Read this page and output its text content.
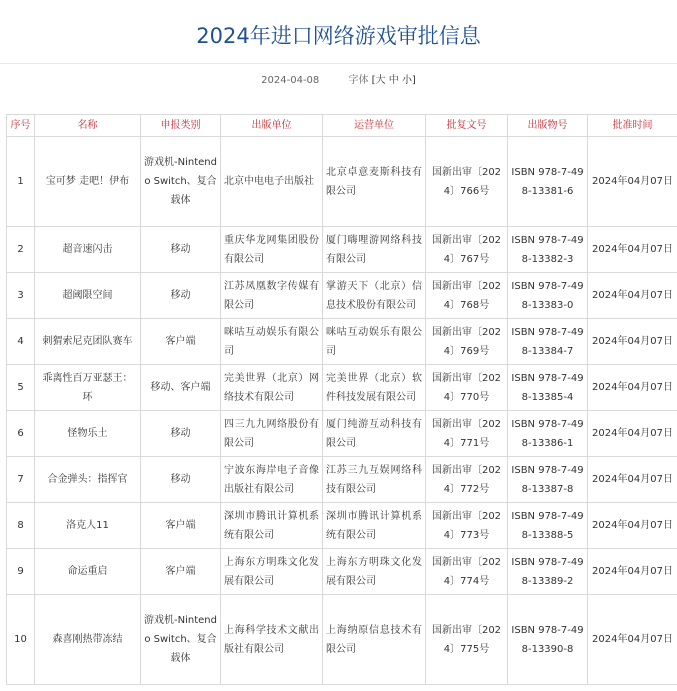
2024年进口网络游戏审批信息
2024-04-08	字体 [大 中 小]
序号	名称	申报类别	出版单位	运营单位	批复文号	出版物号	批准时间
1	宝可梦 走吧！伊布	游戏机-Nintendo Switch、复合载体	北京中电电子出版社	北京卓意麦斯科技有限公司	国新出审〔2024〕766号	ISBN 978-7-498-13381-6	2024年04月07日
2	超音速闪击	移动	重庆华龙网集团股份有限公司	厦门嗨哩游网络科技有限公司	国新出审〔2024〕767号	ISBN 978-7-498-13382-3	2024年04月07日
3	超阈限空间	移动	江苏凤凰数字传媒有限公司	掌游天下（北京）信息技术股份有限公司	国新出审〔2024〕768号	ISBN 978-7-498-13383-0	2024年04月07日
4	刺猬索尼克团队赛车	客户端	咪咕互动娱乐有限公司	咪咕互动娱乐有限公司	国新出审〔2024〕769号	ISBN 978-7-498-13384-7	2024年04月07日
5	乖离性百万亚瑟王：环	移动、客户端	完美世界（北京）网络技术有限公司	完美世界（北京）软件科技发展有限公司	国新出审〔2024〕770号	ISBN 978-7-498-13385-4	2024年04月07日
6	怪物乐土	移动	四三九九网络股份有限公司	厦门纯游互动科技有限公司	国新出审〔2024〕771号	ISBN 978-7-498-13386-1	2024年04月07日
7	合金弹头：指挥官	移动	宁波东海岸电子音像出版社有限公司	江苏三九互娱网络科技有限公司	国新出审〔2024〕772号	ISBN 978-7-498-13387-8	2024年04月07日
8	洛克人11	客户端	深圳市腾讯计算机系统有限公司	深圳市腾讯计算机系统有限公司	国新出审〔2024〕773号	ISBN 978-7-498-13388-5	2024年04月07日
9	命运重启	客户端	上海东方明珠文化发展有限公司	上海东方明珠文化发展有限公司	国新出审〔2024〕774号	ISBN 978-7-498-13389-2	2024年04月07日
10	森喜刚热带冻结	游戏机-Nintendo Switch、复合载体	上海科学技术文献出版社有限公司	上海纳原信息技术有限公司	国新出审〔2024〕775号	ISBN 978-7-498-13390-8	2024年04月07日
